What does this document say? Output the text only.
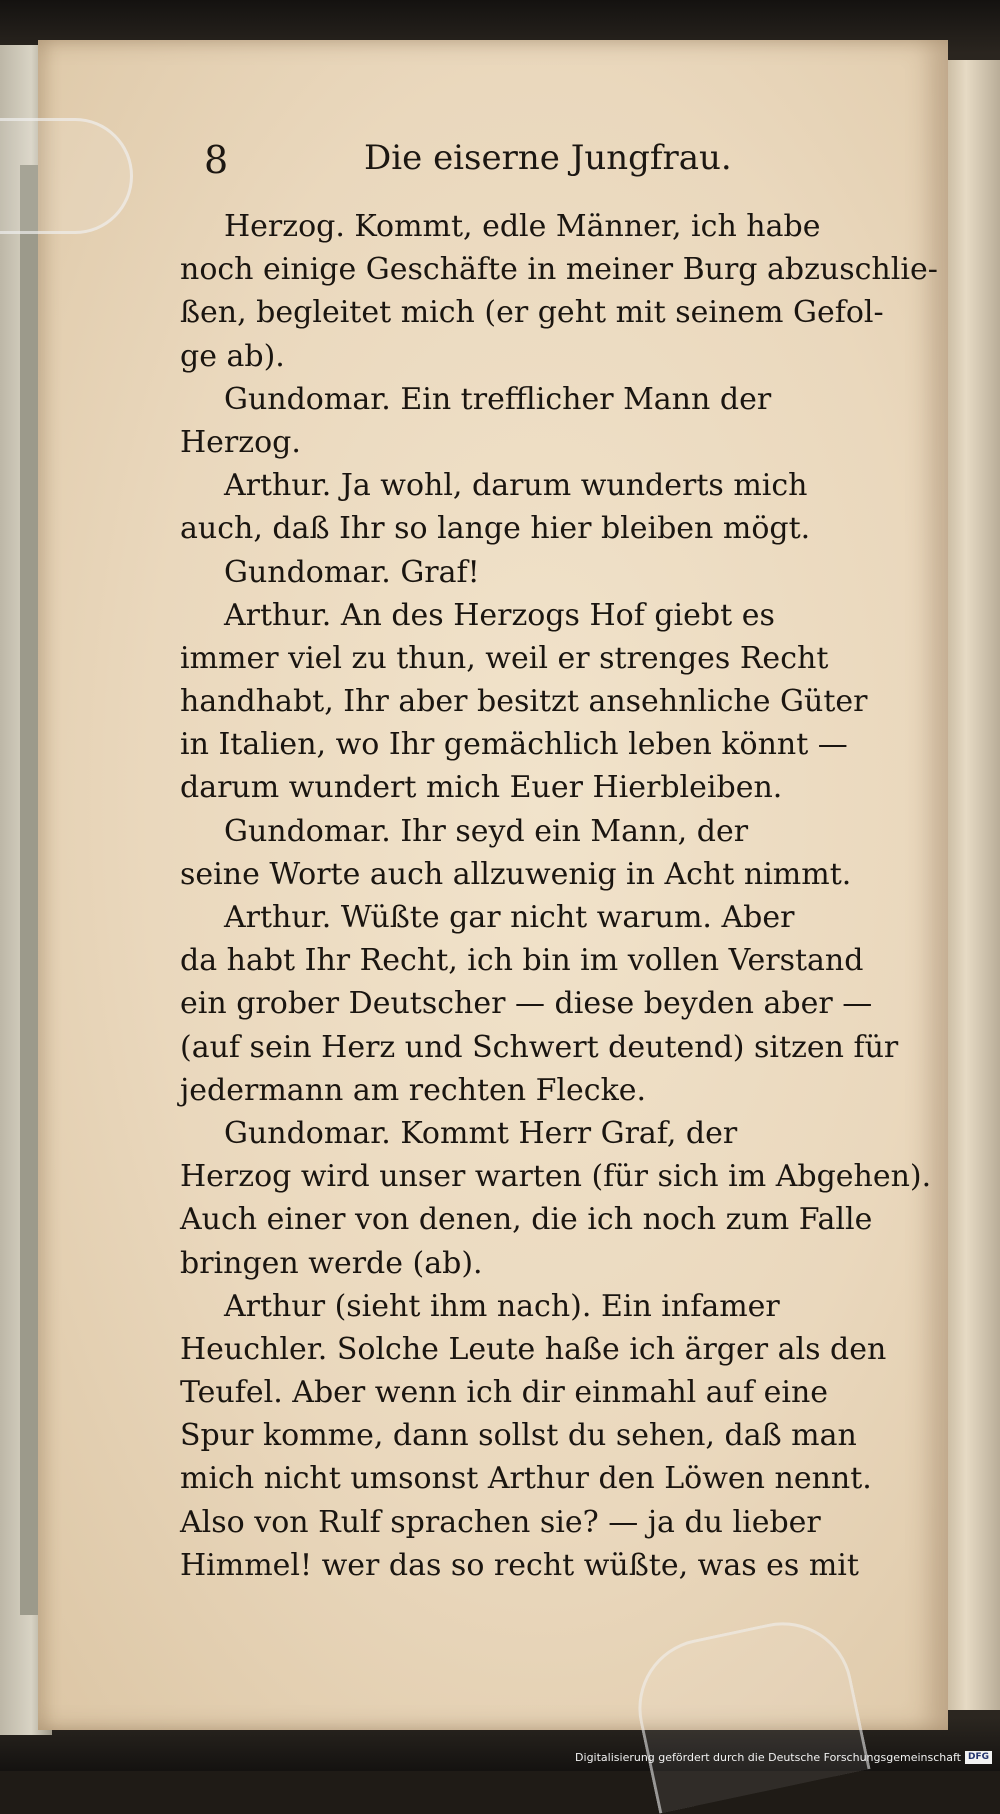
8	Die eiserne Jungfrau.
Herzog. Kommt, edle Männer, ich habe
noch einige Geschäfte in meiner Burg abzuschlie-
ßen, begleitet mich (er geht mit seinem Gefol-
ge ab).
Gundomar. Ein trefflicher Mann der
Herzog.
Arthur. Ja wohl, darum wunderts mich
auch, daß Ihr so lange hier bleiben mögt.
Gundomar. Graf!
Arthur. An des Herzogs Hof giebt es
immer viel zu thun, weil er strenges Recht
handhabt, Ihr aber besitzt ansehnliche Güter
in Italien, wo Ihr gemächlich leben könnt —
darum wundert mich Euer Hierbleiben.
Gundomar. Ihr seyd ein Mann, der
seine Worte auch allzuwenig in Acht nimmt.
Arthur. Wüßte gar nicht warum. Aber
da habt Ihr Recht, ich bin im vollen Verstand
ein grober Deutscher — diese beyden aber —
(auf sein Herz und Schwert deutend) sitzen für
jedermann am rechten Flecke.
Gundomar. Kommt Herr Graf, der
Herzog wird unser warten (für sich im Abgehen).
Auch einer von denen, die ich noch zum Falle
bringen werde (ab).
Arthur (sieht ihm nach). Ein infamer
Heuchler. Solche Leute haße ich ärger als den
Teufel. Aber wenn ich dir einmahl auf eine
Spur komme, dann sollst du sehen, daß man
mich nicht umsonst Arthur den Löwen nennt.
Also von Rulf sprachen sie? — ja du lieber
Himmel! wer das so recht wüßte, was es mit
Digitalisierung gefördert durch die Deutsche Forschungsgemeinschaft DFG
